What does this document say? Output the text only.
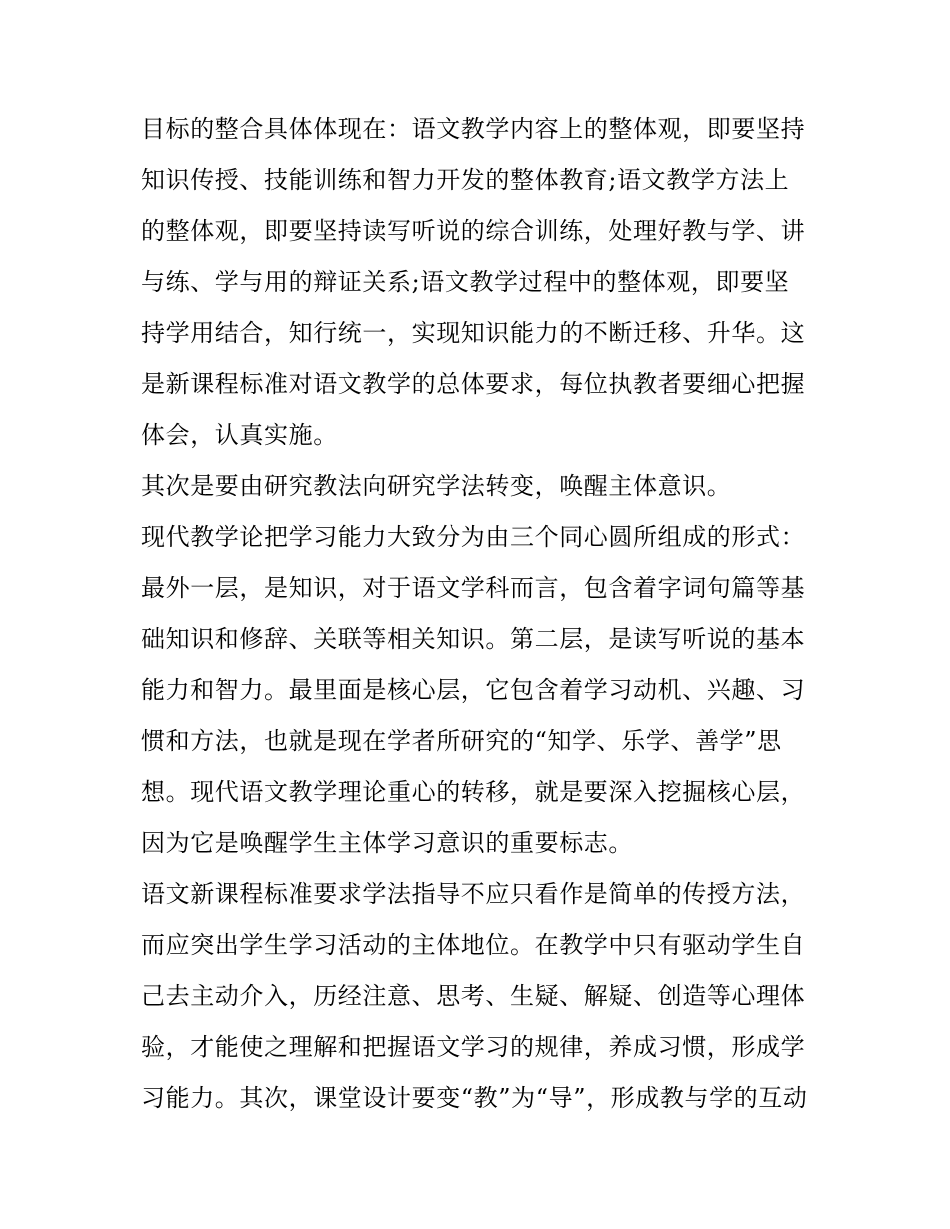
目标的整合具体体现在：语文教学内容上的整体观，即要坚持
知识传授、技能训练和智力开发的整体教育;语文教学方法上
的整体观，即要坚持读写听说的综合训练，处理好教与学、讲
与练、学与用的辩证关系;语文教学过程中的整体观，即要坚
持学用结合，知行统一，实现知识能力的不断迁移、升华。这
是新课程标准对语文教学的总体要求，每位执教者要细心把握
体会，认真实施。
其次是要由研究教法向研究学法转变，唤醒主体意识。
现代教学论把学习能力大致分为由三个同心圆所组成的形式：
最外一层，是知识，对于语文学科而言，包含着字词句篇等基
础知识和修辞、关联等相关知识。第二层，是读写听说的基本
能力和智力。最里面是核心层，它包含着学习动机、兴趣、习
惯和方法，也就是现在学者所研究的“知学、乐学、善学”思
想。现代语文教学理论重心的转移，就是要深入挖掘核心层，
因为它是唤醒学生主体学习意识的重要标志。
语文新课程标准要求学法指导不应只看作是简单的传授方法，
而应突出学生学习活动的主体地位。在教学中只有驱动学生自
己去主动介入，历经注意、思考、生疑、解疑、创造等心理体
验，才能使之理解和把握语文学习的规律，养成习惯，形成学
习能力。其次，课堂设计要变“教”为“导”，形成教与学的互动
